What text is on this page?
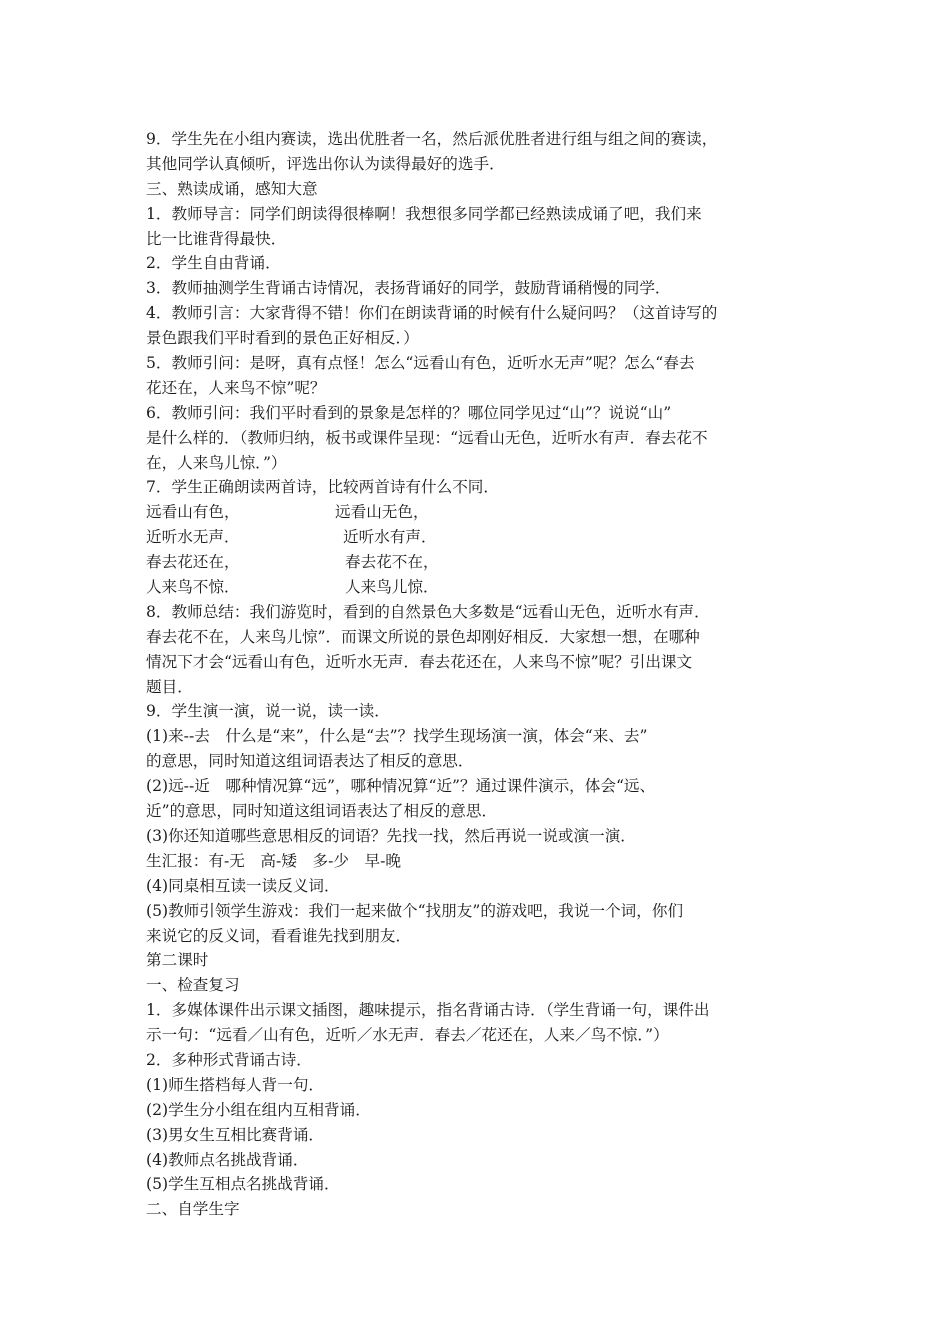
9．学生先在小组内赛读，选出优胜者一名，然后派优胜者进行组与组之间的赛读，
其他同学认真倾听，评选出你认为读得最好的选手．
三、熟读成诵，感知大意
1．教师导言：同学们朗读得很棒啊！我想很多同学都已经熟读成诵了吧，我们来
比一比谁背得最快．
2．学生自由背诵．
3．教师抽测学生背诵古诗情况，表扬背诵好的同学，鼓励背诵稍慢的同学．
4．教师引言：大家背得不错！你们在朗读背诵的时候有什么疑问吗？（这首诗写的
景色跟我们平时看到的景色正好相反．）
5．教师引问：是呀，真有点怪！怎么“远看山有色，近听水无声”呢？怎么“春去
花还在，人来鸟不惊”呢？
6．教师引问：我们平时看到的景象是怎样的？哪位同学见过“山”？说说“山”
是什么样的．（教师归纳，板书或课件呈现：“远看山无色，近听水有声．春去花不
在，人来鸟儿惊．”）
7．学生正确朗读两首诗，比较两首诗有什么不同．
远看山有色，	远看山无色，
近听水无声．	近听水有声．
春去花还在，	春去花不在，
人来鸟不惊．	人来鸟儿惊．
8．教师总结：我们游览时，看到的自然景色大多数是“远看山无色，近听水有声．
春去花不在，人来鸟儿惊”．而课文所说的景色却刚好相反．大家想一想，在哪种
情况下才会“远看山有色，近听水无声．春去花还在，人来鸟不惊”呢？引出课文
题目．
9．学生演一演，说一说，读一读．
(1)来--去　什么是“来”，什么是“去”？找学生现场演一演，体会“来、去”
的意思，同时知道这组词语表达了相反的意思．
(2)远--近　哪种情况算“远”，哪种情况算“近”？通过课件演示，体会“远、
近”的意思，同时知道这组词语表达了相反的意思．
(3)你还知道哪些意思相反的词语？先找一找，然后再说一说或演一演．
生汇报：有-无　高-矮　多-少　早-晚
(4)同桌相互读一读反义词．
(5)教师引领学生游戏：我们一起来做个“找朋友”的游戏吧，我说一个词，你们
来说它的反义词，看看谁先找到朋友．
第二课时
一、检查复习
1．多媒体课件出示课文插图，趣味提示，指名背诵古诗．（学生背诵一句，课件出
示一句：“远看／山有色，近听／水无声．春去／花还在，人来／鸟不惊．”）
2．多种形式背诵古诗．
(1)师生搭档每人背一句．
(2)学生分小组在组内互相背诵．
(3)男女生互相比赛背诵．
(4)教师点名挑战背诵．
(5)学生互相点名挑战背诵．
二、自学生字
